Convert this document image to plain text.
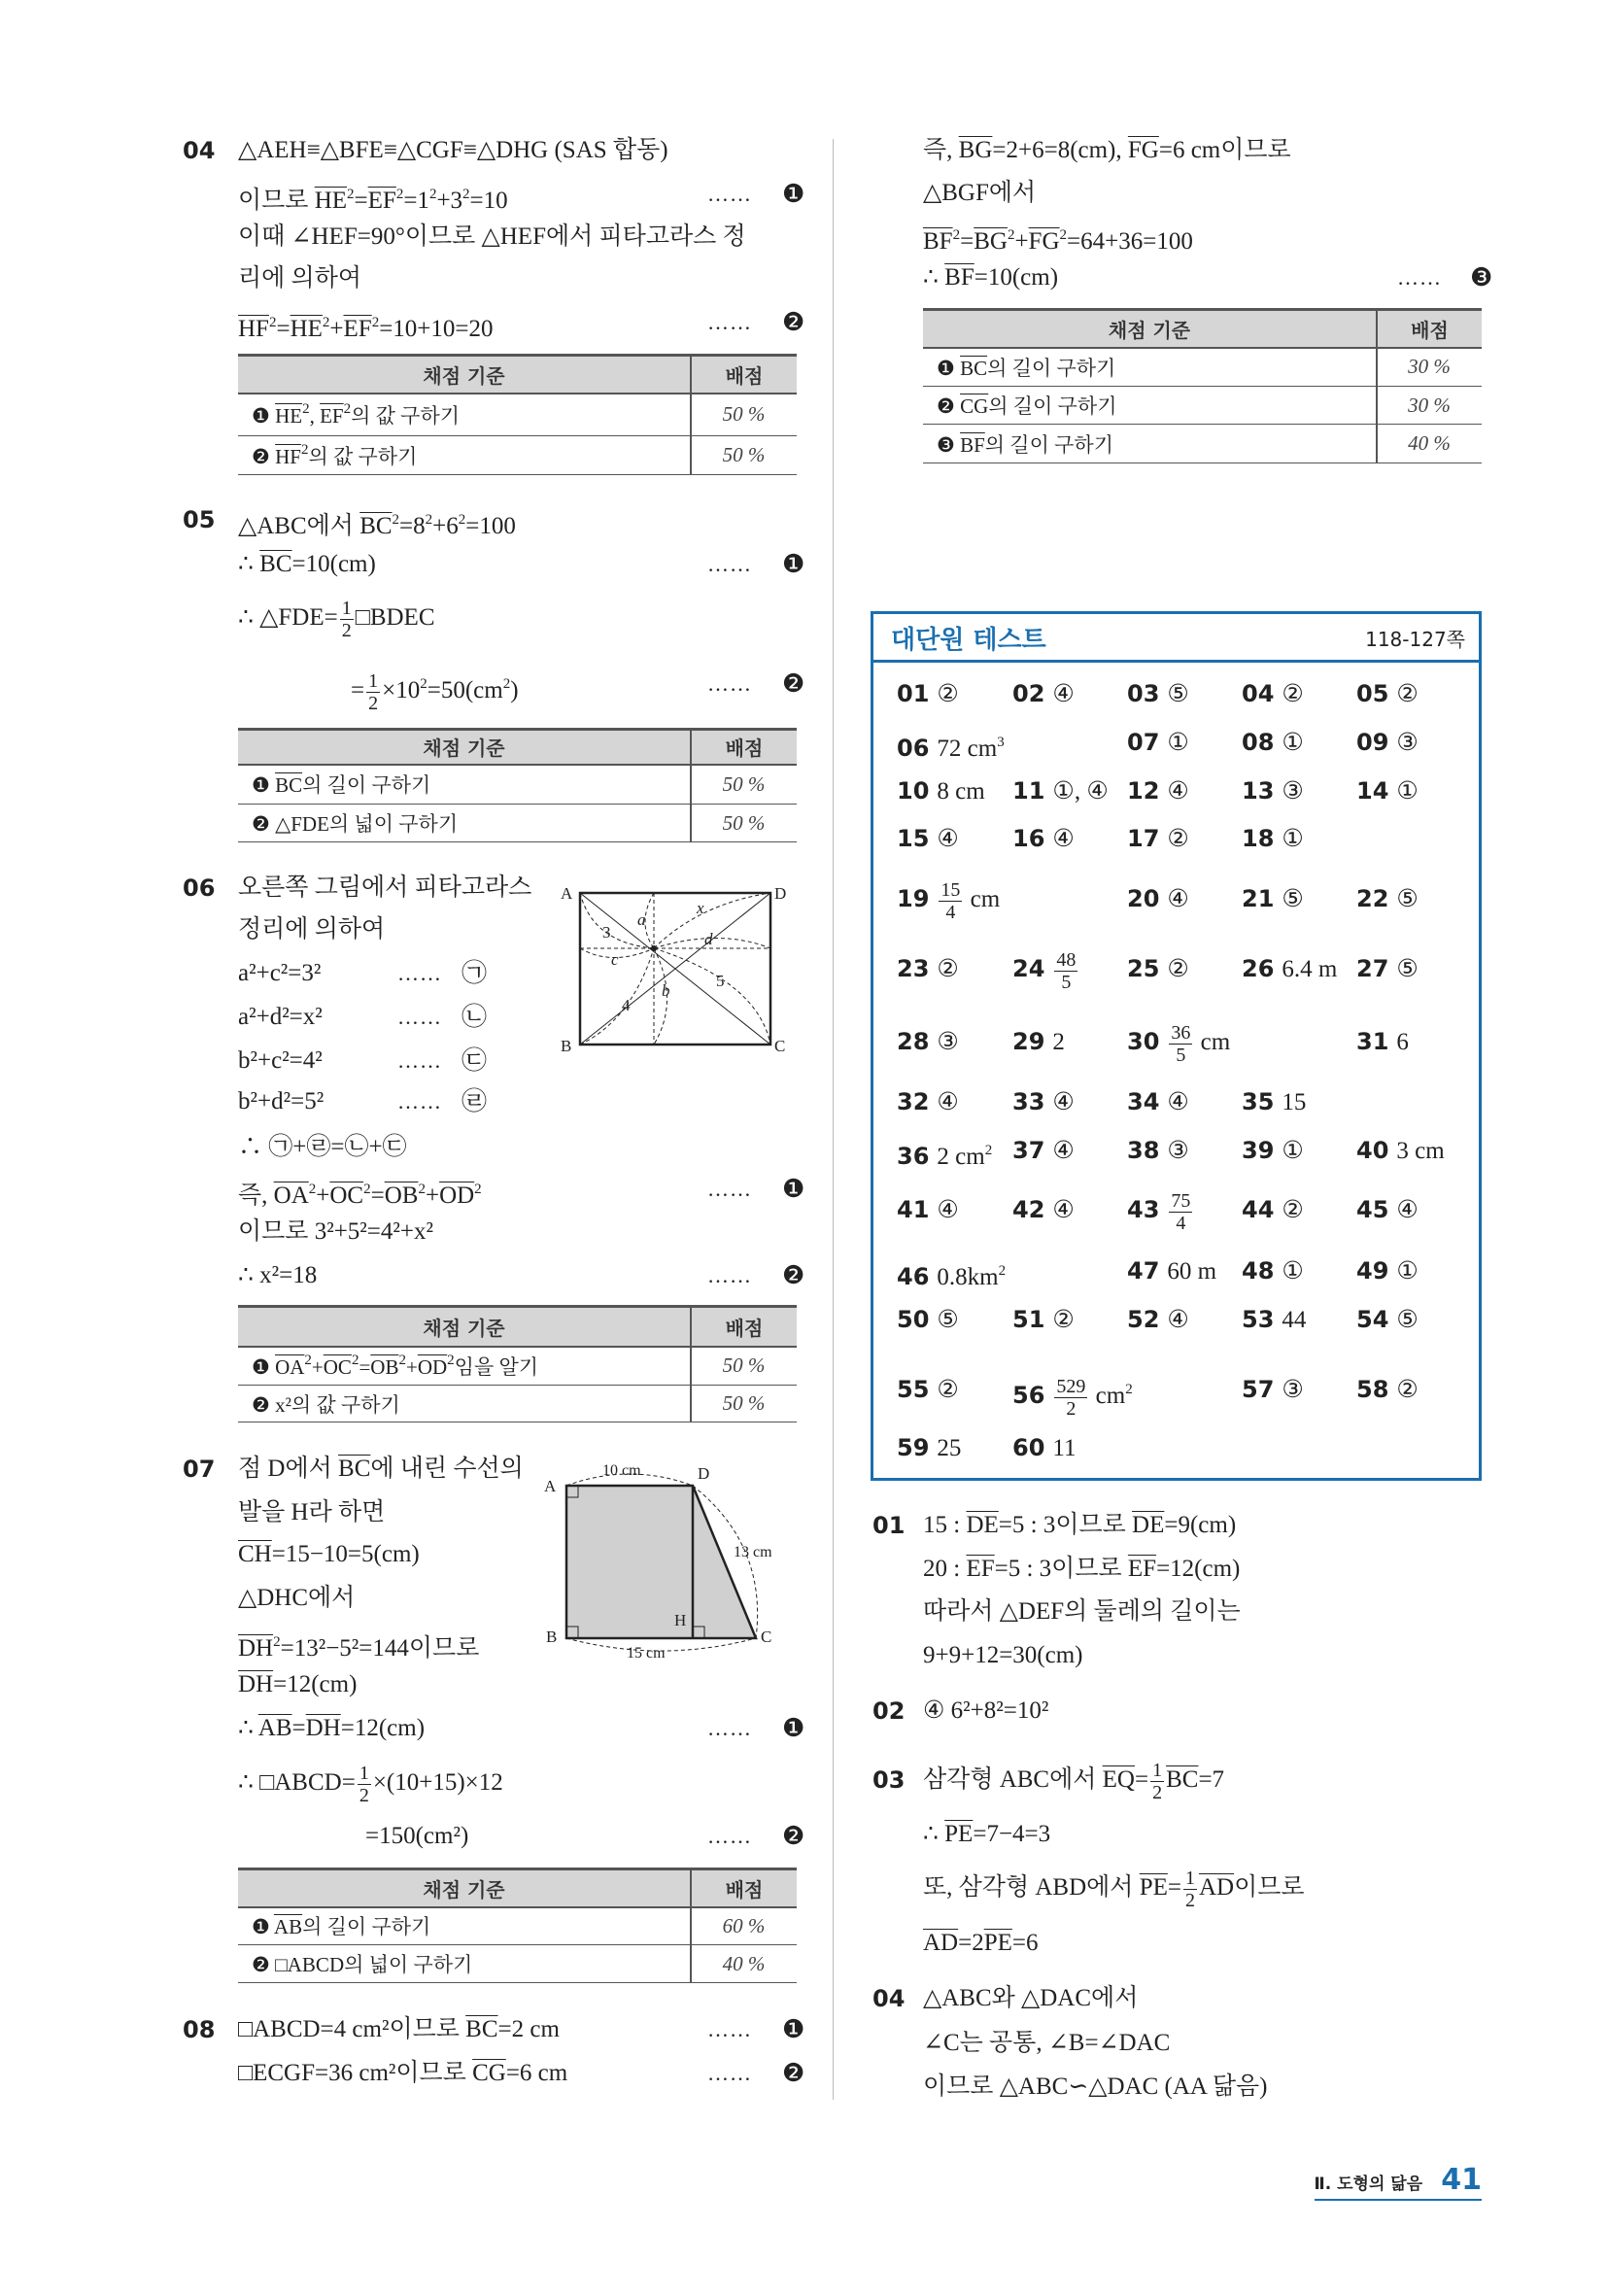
대단원 테스트	118-127쪽
01 ② 02 ④ 03 ⑤ 04 ② 05 ②
06 72 $cm^3$	07 ① 08 ① 09 ③
10 8 cm 11 ①, ④ 12 ④ 13 ③ 14 ①
15 ④ 16 ④ 17 ② 18 ①
$19 \frac{15}{4}$ cm	20 ④ 21 ⑤ 22 ⑤
23 ② $24 \frac{48}{5} 25$ ② 26 6.4 m 27 ⑤
28 ③ 29 2	$30 \frac{36}{5}$ cm	31 6
32 ④ 33 ④ 34 ④ 35 15
36 2 $cm^2$ 37 ④ 38 ③ 39 ① 40 3 cm
41 ④ 42 ④ $43 \frac{75}{4} 44$ ② 45 ④
46 $0.8km^2$	47 60 m 48 ① 49 ①
50 ⑤ 51 ② 52 ④ 53 44 54 ⑤
55 ② $56 \frac{529}{2} cm^2$	57 ③ 58 ②
59 25 60 11
A
B	C
D
a
b
c
d
x
3
4
5
A
B	C
D
H
10 cm
15 cm
13 cm
Ⅱ. 도형의 닮음 41
04 △AEH≡△BFE≡△CGF≡△DHG (SAS 합동)
이므로 $\overline{HE}^2=\overline{EF}^2=1^2+3^2=10$	…… ❶
이때 ∠HEF=90°이므로 △HEF에서 피타고라스 정
리에 의하여
$\overline{HF}^2=\overline{HE}^2+\overline{EF}^2=10+10=20$	…… ❷
05 △ABC에서 $\overline{BC}^2=8^2+6^2=100$
∴ $\overline{BC}=10(cm)$	…… ❶
∴ △FDE= $\frac{1}{2}$ □BDEC
= $\frac{1}{2} \times 10^2=50(cm^2)$	…… ❷
06 오른쪽 그림에서 피타고라스
정리에 의하여
a²+c²=3²	…… ㉠
a²+d²=x²	…… ㉡
b²+c²=4²	…… ㉢
b²+d²=5²	…… ㉣
∴ ㉠+㉣=㉡+㉢
즉, $\overline{OA}^2+\overline{OC}^2=\overline{OB}^2+\overline{OD}^2$	…… ❶
이므로 3²+5²=4²+x²
∴ x²=18	…… ❷
07 점 D에서 $\overline{BC}$에 내린 수선의
발을 H라 하면
$\overline{CH}=15-10=5(cm)$
△DHC에서
$\overline{DH}^2=13^2-5^2=144$이므로
$\overline{DH}=12(cm)$
∴ $\overline{AB}=\overline{DH}=12(cm)$	…… ❶
∴ □ABCD= $\frac{1}{2} \times(10+15)\times 12$
=150(cm²)	…… ❷
08 □ABCD=4 cm²이므로 $\overline{BC}=2$ cm	…… ❶
□ECGF=36 cm²이므로 $\overline{CG}=6$ cm	…… ❷
즉, $\overline{BG}=2+6=8(cm)$, $\overline{FG}=6$ cm이므로
△BGF에서
$\overline{BF}^2=\overline{BG}^2+\overline{FG}^2=64+36=100$
∴ $\overline{BF}=10(cm)$	…… ❸
01 15 : $\overline{DE}=5$ : 3이므로 $\overline{DE}=9(cm)$
20 : $\overline{EF}=5$ : 3이므로 $\overline{EF}=12(cm)$
따라서 △DEF의 둘레의 길이는
9+9+12=30(cm)
02 ④ 6²+8²=10²
03 삼각형 ABC에서 $\overline{EQ}= \frac{1}{2} \overline{BC}=7$
∴ $\overline{PE}=7-4=3$
또, 삼각형 ABD에서 $\overline{PE}= \frac{1}{2} \overline{AD}$이므로
$\overline{AD}=2\overline{PE}=6$
04 △ABC와 △DAC에서
∠C는 공통, ∠B=∠DAC
이므로 △ABC∽△DAC (AA 닮음)
채점 기준	배점
❶ $\overline{HE}^2$, $\overline{EF}^2$의 값 구하기	50 %
❷ $\overline{HF}^2$의 값 구하기	50 %
채점 기준	배점
❶ $\overline{BC}$의 길이 구하기	50 %
❷ △FDE의 넓이 구하기	50 %
채점 기준	배점
❶ $\overline{OA}^2+\overline{OC}^2=\overline{OB}^2+\overline{OD}^2$임을 알기	50 %
❷ x²의 값 구하기	50 %
채점 기준	배점
❶ $\overline{AB}$의 길이 구하기	60 %
❷ □ABCD의 넓이 구하기	40 %
채점 기준	배점
❶ $\overline{BC}$의 길이 구하기	30 %
❷ $\overline{CG}$의 길이 구하기	30 %
❸ $\overline{BF}$의 길이 구하기	40 %
